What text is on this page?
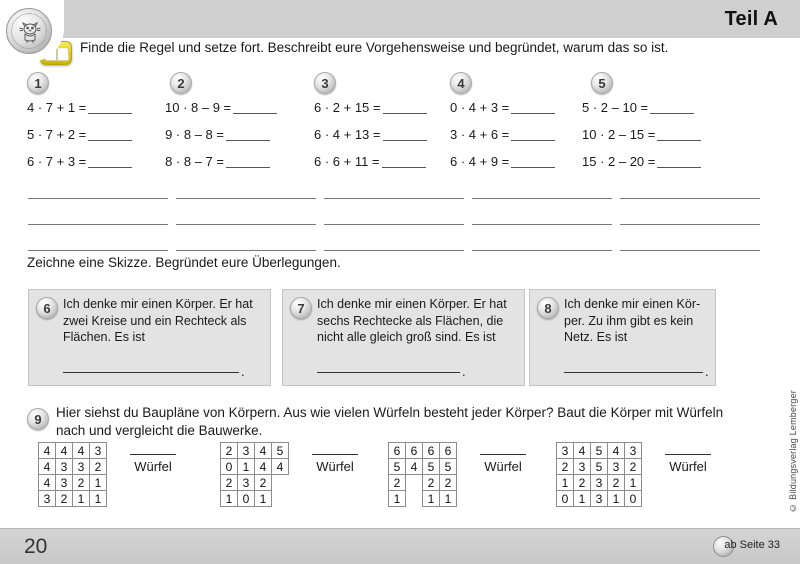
Teil A
Finde die Regel und setze fort. Beschreibt eure Vorgehensweise und begründet, warum das so ist.
1
4 · 7 + 1 =
5 · 7 + 2 =
6 · 7 + 3 =
2
10 · 8 – 9 =
9 · 8 – 8 =
8 · 8 – 7 =
3
6 · 2 + 15 =
6 · 4 + 13 =
6 · 6 + 11 =
4
0 · 4 + 3 =
3 · 4 + 6 =
6 · 4 + 9 =
5
5 · 2 – 10 =
10 · 2 – 15 =
15 · 2 – 20 =
Zeichne eine Skizze. Begründet eure Überlegungen.
6 Ich denke mir einen Körper. Er hat zwei Kreise und ein Rechteck als Flächen. Es ist
.
7 Ich denke mir einen Körper. Er hat sechs Rechtecke als Flächen, die nicht alle gleich groß sind. Es ist
.
8 Ich denke mir einen Kör-per. Zu ihm gibt es kein Netz. Es ist
.
9	Hier siehst du Baupläne von Körpern. Aus wie vielen Würfeln besteht jeder Körper? Baut die Körper mit Würfeln nach und vergleicht die Bauwerke.
4	4	4	3
4	3	3	2
4	3	2	1
3	2	1	1
Würfel
2	3	4	5
0	1	4	4
2	3	2	
1	0	1	
Würfel
6	6	6	6
5	4	5	5
2		2	2
1		1	1
Würfel
3	4	5	4	3
2	3	5	3	2
1	2	3	2	1
0	1	3	1	0
Würfel	© Bildungsverlag Lemberger
20	ab Seite 33
